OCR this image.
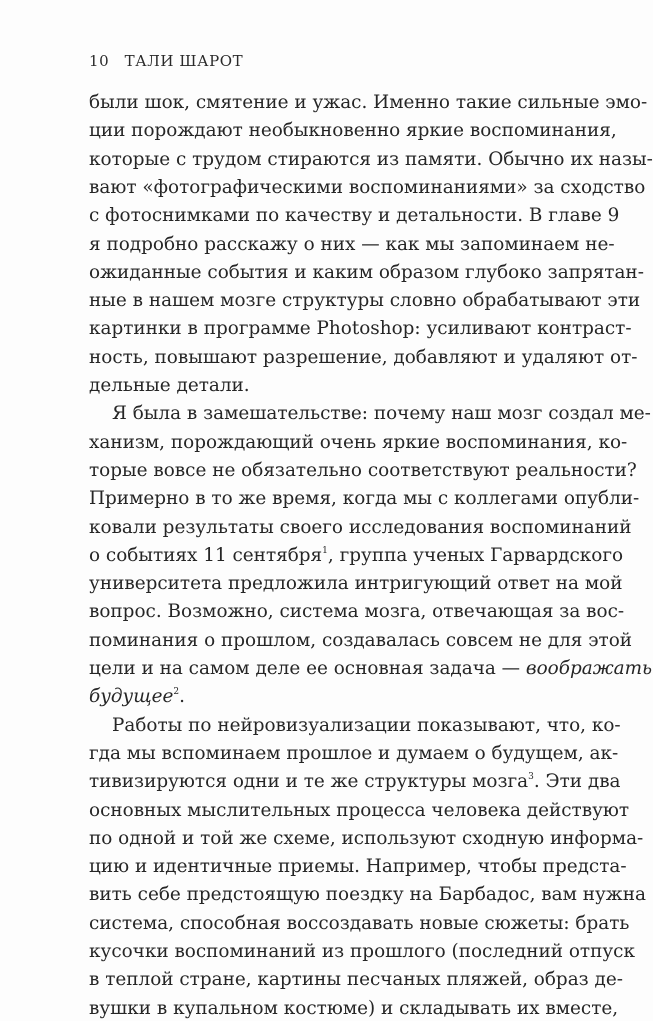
10 ТАЛИ ШАРОТ
были шок, смятение и ужас. Именно такие сильные эмо-
ции порождают необыкновенно яркие воспоминания,
которые с трудом стираются из памяти. Обычно их назы-
вают «фотографическими воспоминаниями» за сходство
с фотоснимками по качеству и детальности. В главе 9
я подробно расскажу о них — как мы запоминаем не-
ожиданные события и каким образом глубоко запрятан-
ные в нашем мозге структуры словно обрабатывают эти
картинки в программе Photoshop: усиливают контраст-
ность, повышают разрешение, добавляют и удаляют от-
дельные детали.
Я была в замешательстве: почему наш мозг создал ме-
ханизм, порождающий очень яркие воспоминания, ко-
торые вовсе не обязательно соответствуют реальности?
Примерно в то же время, когда мы с коллегами опубли-
ковали результаты своего исследования воспоминаний
о событиях 11 сентября$^1$, группа ученых Гарвардского
университета предложила интригующий ответ на мой
вопрос. Возможно, система мозга, отвечающая за вос-
поминания о прошлом, создавалась совсем не для этой
цели и на самом деле ее основная задача — воображать
будущее$^2$.
Работы по нейровизуализации показывают, что, ко-
гда мы вспоминаем прошлое и думаем о будущем, ак-
тивизируются одни и те же структуры мозга$^3$. Эти два
основных мыслительных процесса человека действуют
по одной и той же схеме, используют сходную информа-
цию и идентичные приемы. Например, чтобы предста-
вить себе предстоящую поездку на Барбадос, вам нужна
система, способная воссоздавать новые сюжеты: брать
кусочки воспоминаний из прошлого (последний отпуск
в теплой стране, картины песчаных пляжей, образ де-
вушки в купальном костюме) и складывать их вместе,
